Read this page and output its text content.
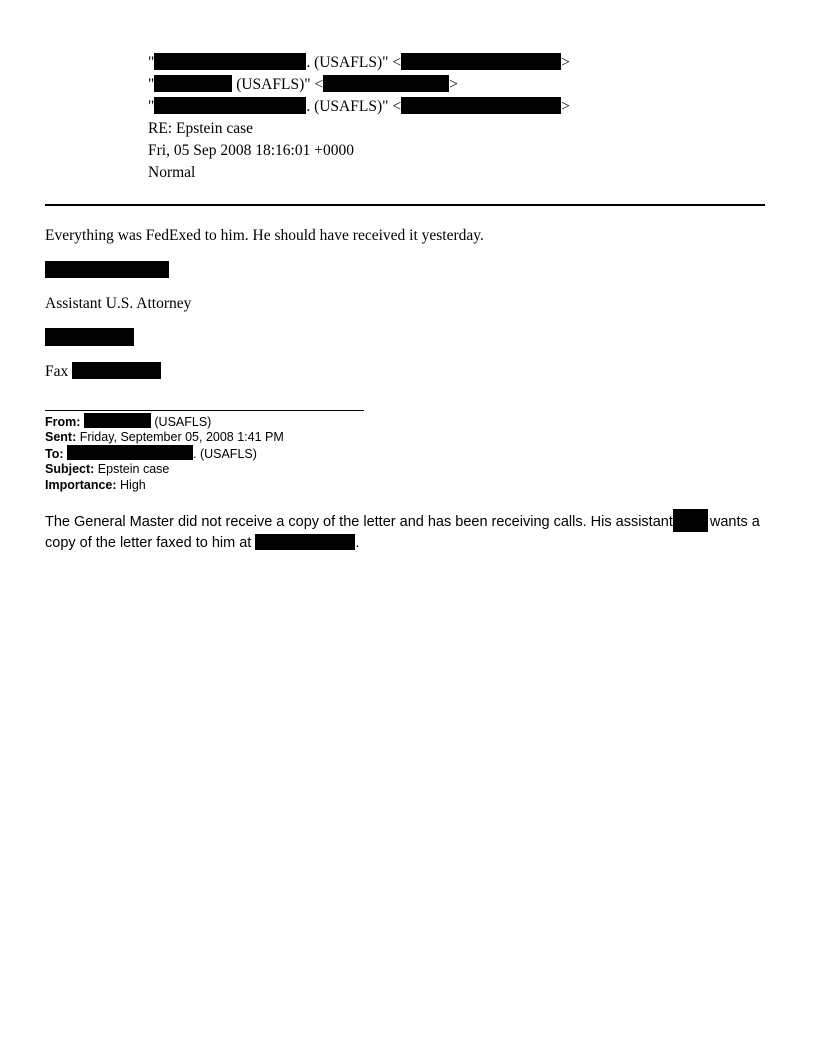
"	. (USAFLS)" <	>
"	(USAFLS)" <	>
"	. (USAFLS)" <	>
RE: Epstein case
Fri, 05 Sep 2008 18:16:01 +0000
Normal
Everything was FedExed to him. He should have received it yesterday.
Assistant U.S. Attorney
Fax
From:	(USAFLS)
Sent: Friday, September 05, 2008 1:41 PM
To:	. (USAFLS)
Subject: Epstein case
Importance: High
The General Master did not receive a copy of the letter and has been receiving calls. His assistant	wants a copy of the letter faxed to him at	.
